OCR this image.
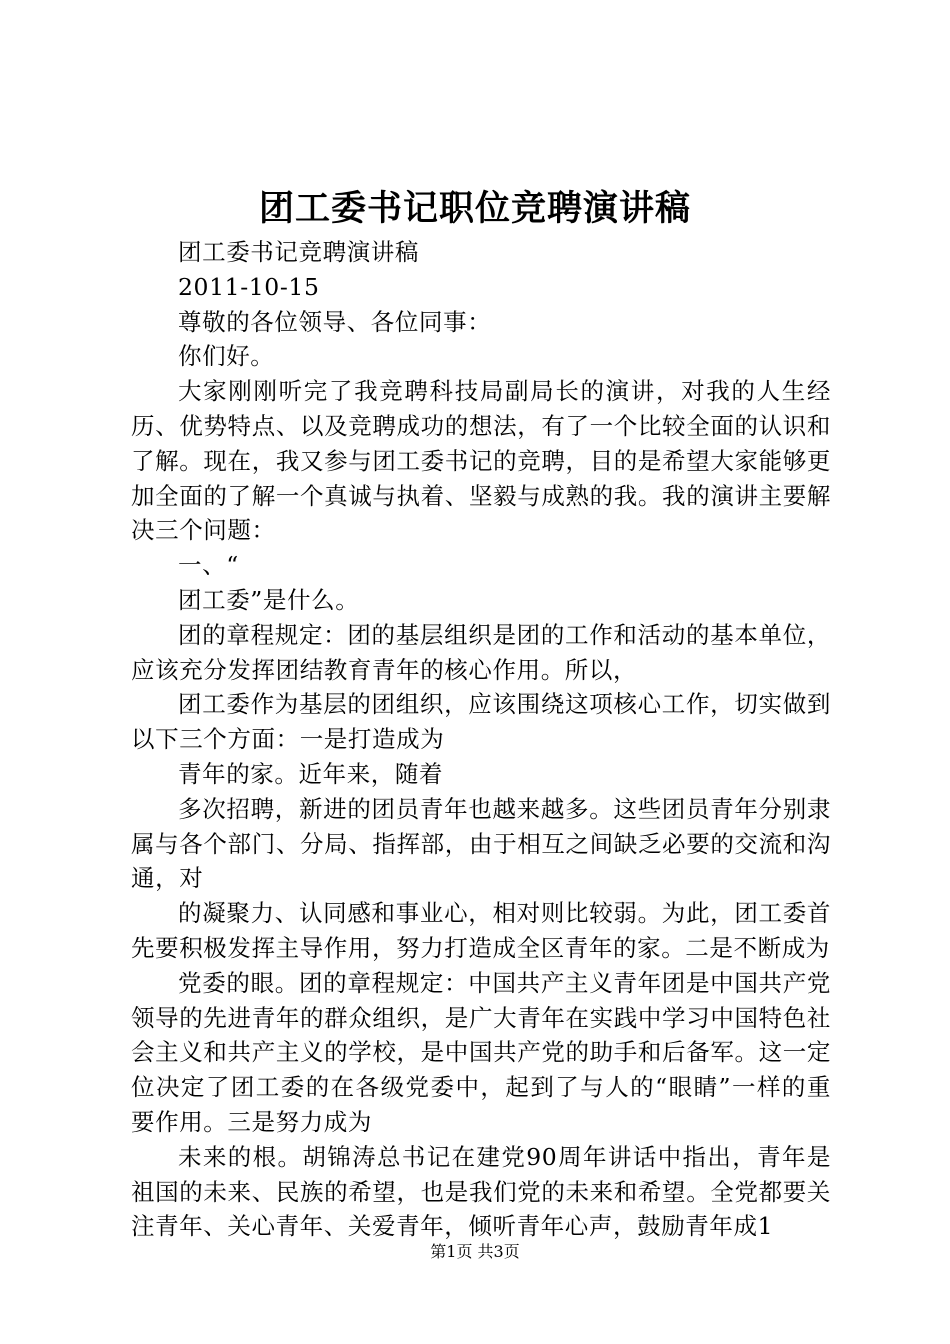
团工委书记职位竞聘演讲稿

团工委书记竞聘演讲稿

2011-10-15

尊敬的各位领导、各位同事：

你们好。

大家刚刚听完了我竞聘科技局副局长的演讲，对我的人生经历、优势特点、以及竞聘成功的想法，有了一个比较全面的认识和了解。现在，我又参与团工委书记的竞聘，目的是希望大家能够更加全面的了解一个真诚与执着、坚毅与成熟的我。我的演讲主要解决三个问题：

一、“

团工委”是什么。

团的章程规定：团的基层组织是团的工作和活动的基本单位，应该充分发挥团结教育青年的核心作用。所以，

团工委作为基层的团组织，应该围绕这项核心工作，切实做到以下三个方面：一是打造成为

青年的家。近年来，随着

多次招聘，新进的团员青年也越来越多。这些团员青年分别隶属与各个部门、分局、指挥部，由于相互之间缺乏必要的交流和沟通，对

的凝聚力、认同感和事业心，相对则比较弱。为此，团工委首先要积极发挥主导作用，努力打造成全区青年的家。二是不断成为

党委的眼。团的章程规定：中国共产主义青年团是中国共产党领导的先进青年的群众组织，是广大青年在实践中学习中国特色社会主义和共产主义的学校，是中国共产党的助手和后备军。这一定位决定了团工委的在各级党委中，起到了与人的“眼睛”一样的重要作用。三是努力成为

未来的根。胡锦涛总书记在建党90周年讲话中指出，青年是祖国的未来、民族的希望，也是我们党的未来和希望。全党都要关注青年、关心青年、关爱青年，倾听青年心声，鼓励青年成1

第1页 共3页
